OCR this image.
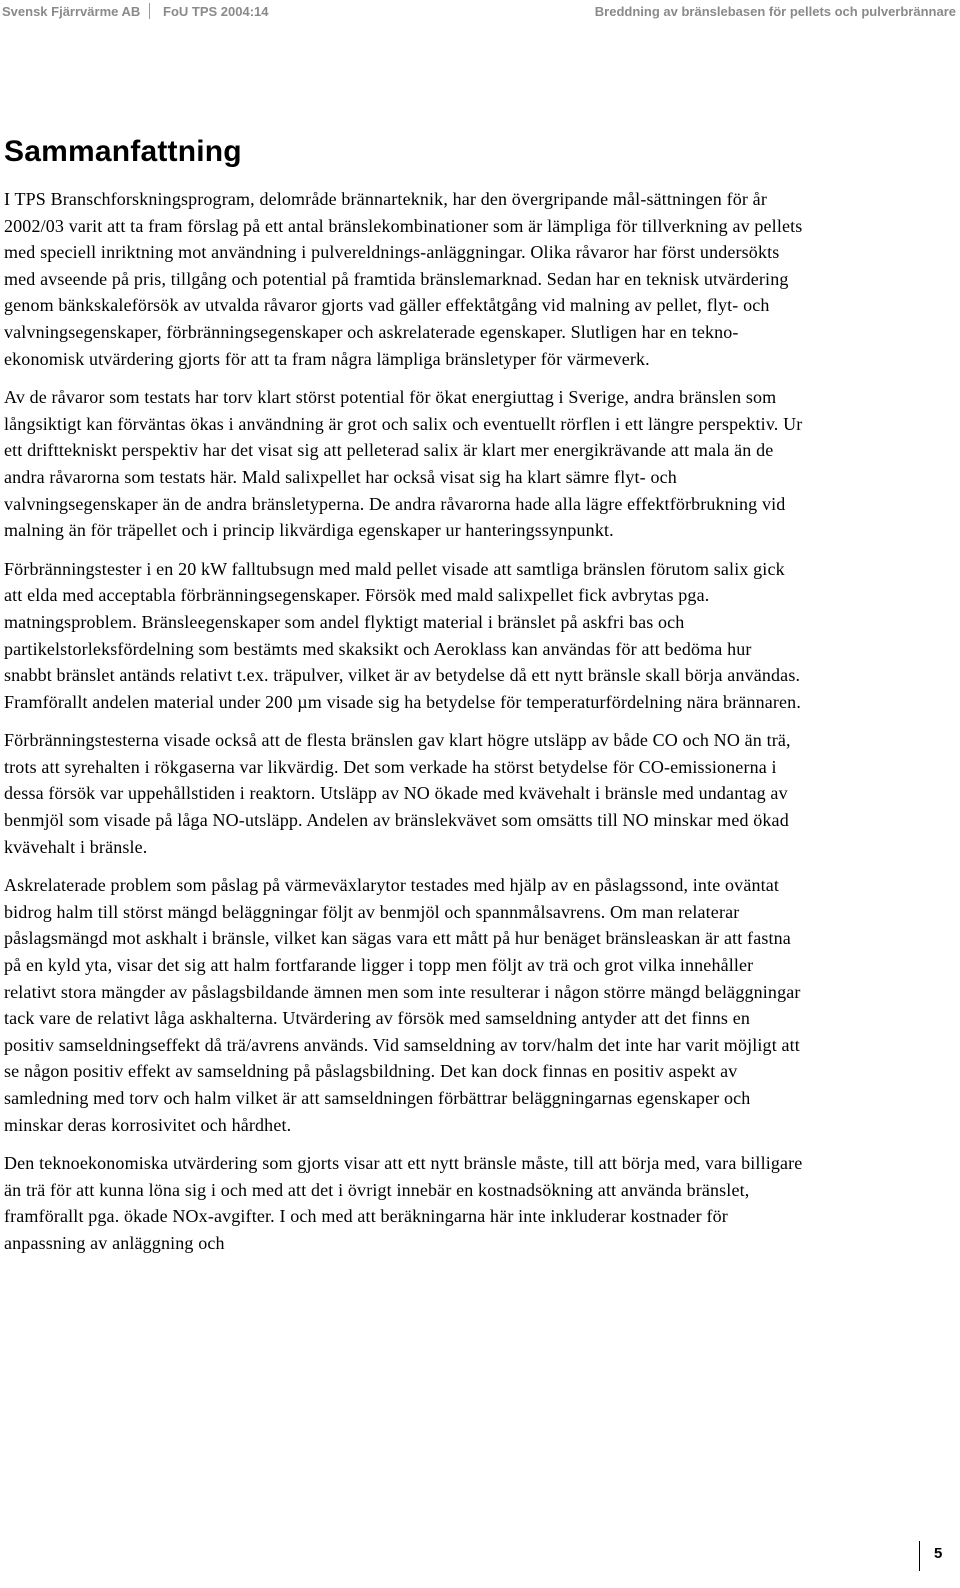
Svensk Fjärrvärme AB FoU TPS 2004:14	Breddning av bränslebasen för pellets och pulverbrännare
Sammanfattning

I TPS Branschforskningsprogram, delområde brännarteknik, har den övergripande mål-sättningen för år 2002/03 varit att ta fram förslag på ett antal bränslekombinationer som är lämpliga för tillverkning av pellets med speciell inriktning mot användning i pulvereldnings-anläggningar. Olika råvaror har först undersökts med avseende på pris, tillgång och potential på framtida bränslemarknad. Sedan har en teknisk utvärdering genom bänkskaleförsök av utvalda råvaror gjorts vad gäller effektåtgång vid malning av pellet, flyt- och valvningsegenskaper, förbränningsegenskaper och askrelaterade egenskaper. Slutligen har en tekno-ekonomisk utvärdering gjorts för att ta fram några lämpliga bränsletyper för värmeverk.

Av de råvaror som testats har torv klart störst potential för ökat energiuttag i Sverige, andra bränslen som långsiktigt kan förväntas ökas i användning är grot och salix och eventuellt rörflen i ett längre perspektiv. Ur ett drifttekniskt perspektiv har det visat sig att pelleterad salix är klart mer energikrävande att mala än de andra råvarorna som testats här. Mald salixpellet har också visat sig ha klart sämre flyt- och valvningsegenskaper än de andra bränsletyperna. De andra råvarorna hade alla lägre effektförbrukning vid malning än för träpellet och i princip likvärdiga egenskaper ur hanteringssynpunkt.

Förbränningstester i en 20 kW falltubsugn med mald pellet visade att samtliga bränslen förutom salix gick att elda med acceptabla förbränningsegenskaper. Försök med mald salixpellet fick avbrytas pga. matningsproblem. Bränsleegenskaper som andel flyktigt material i bränslet på askfri bas och partikelstorleksfördelning som bestämts med skaksikt och Aeroklass kan användas för att bedöma hur snabbt bränslet antänds relativt t.ex. träpulver, vilket är av betydelse då ett nytt bränsle skall börja användas. Framförallt andelen material under 200 µm visade sig ha betydelse för temperaturfördelning nära brännaren.

Förbränningstesterna visade också att de flesta bränslen gav klart högre utsläpp av både CO och NO än trä, trots att syrehalten i rökgaserna var likvärdig. Det som verkade ha störst betydelse för CO-emissionerna i dessa försök var uppehållstiden i reaktorn. Utsläpp av NO ökade med kvävehalt i bränsle med undantag av benmjöl som visade på låga NO-utsläpp. Andelen av bränslekvävet som omsätts till NO minskar med ökad kvävehalt i bränsle.

Askrelaterade problem som påslag på värmeväxlarytor testades med hjälp av en påslagssond, inte oväntat bidrog halm till störst mängd beläggningar följt av benmjöl och spannmålsavrens. Om man relaterar påslagsmängd mot askhalt i bränsle, vilket kan sägas vara ett mått på hur benäget bränsleaskan är att fastna på en kyld yta, visar det sig att halm fortfarande ligger i topp men följt av trä och grot vilka innehåller relativt stora mängder av påslagsbildande ämnen men som inte resulterar i någon större mängd beläggningar tack vare de relativt låga askhalterna. Utvärdering av försök med samseldning antyder att det finns en positiv samseldningseffekt då trä/avrens används. Vid samseldning av torv/halm det inte har varit möjligt att se någon positiv effekt av samseldning på påslagsbildning. Det kan dock finnas en positiv aspekt av samledning med torv och halm vilket är att samseldningen förbättrar beläggningarnas egenskaper och minskar deras korrosivitet och hårdhet.

Den teknoekonomiska utvärdering som gjorts visar att ett nytt bränsle måste, till att börja med, vara billigare än trä för att kunna löna sig i och med att det i övrigt innebär en kostnadsökning att använda bränslet, framförallt pga. ökade NOx-avgifter. I och med att beräkningarna här inte inkluderar kostnader för anpassning av anläggning och

5
